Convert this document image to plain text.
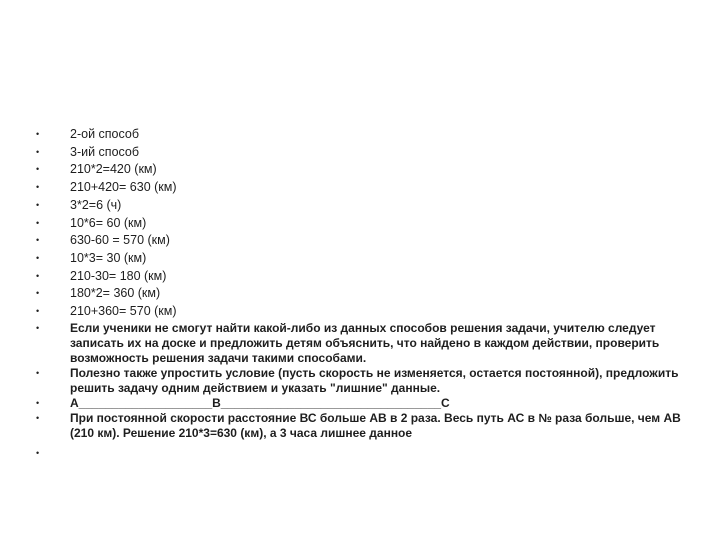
•	2-ой способ
•	3-ий способ
•	210*2=420 (км)
•	210+420= 630 (км)
•	3*2=6 (ч)
•	10*6= 60 (км)
•	630-60 = 570 (км)
•	10*3= 30 (км)
•	210-30= 180 (км)
•	180*2= 360 (км)
•	210+360= 570 (км)
•	Если ученики не смогут найти какой-либо из данных способов решения задачи, учителю следует записать их на доске и предложить детям объяснить, что найдено в каждом действии, проверить возможность решения задачи такими способами.
•	Полезно также упростить условие (пусть скорость не изменяется, остается постоянной), предложить решить задачу одним действием и указать "лишние" данные.
•	А____________________В_________________________________С
•	При постоянной скорости расстояние ВС больше АВ в 2 раза. Весь путь АС в № раза больше, чем АВ (210 км). Решение 210*3=630 (км), а 3 часа лишнее данное
•
